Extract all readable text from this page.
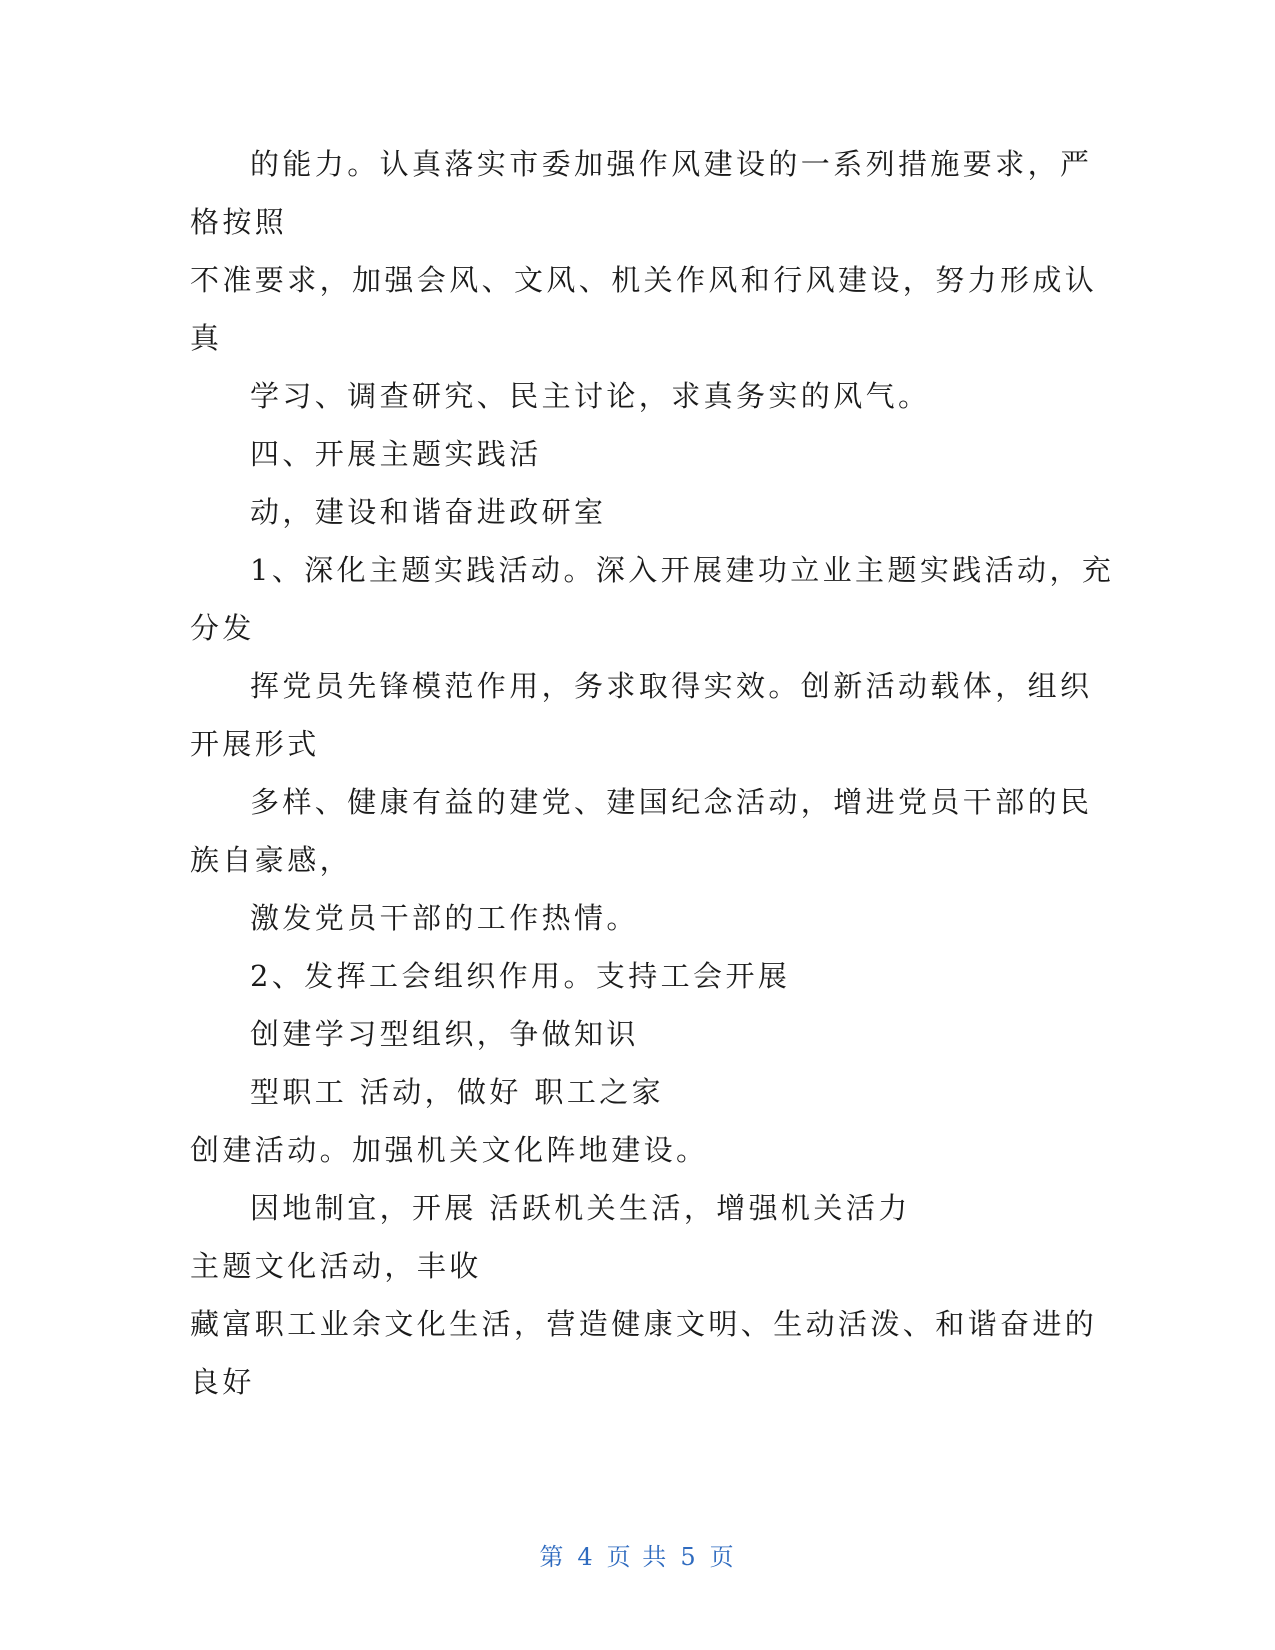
的能力。认真落实市委加强作风建设的一系列措施要求，严

格按照

不准要求，加强会风、文风、机关作风和行风建设，努力形成认

真

学习、调查研究、民主讨论，求真务实的风气。

四、开展主题实践活

动，建设和谐奋进政研室

1、深化主题实践活动。深入开展建功立业主题实践活动，充

分发

挥党员先锋模范作用，务求取得实效。创新活动载体，组织

开展形式

多样、健康有益的建党、建国纪念活动，增进党员干部的民

族自豪感，

激发党员干部的工作热情。

2、发挥工会组织作用。支持工会开展

创建学习型组织，争做知识

型职工 活动，做好 职工之家

创建活动。加强机关文化阵地建设。

因地制宜，开展 活跃机关生活，增强机关活力

主题文化活动，丰收

藏富职工业余文化生活，营造健康文明、生动活泼、和谐奋进的

良好

第 4 页 共 5 页
